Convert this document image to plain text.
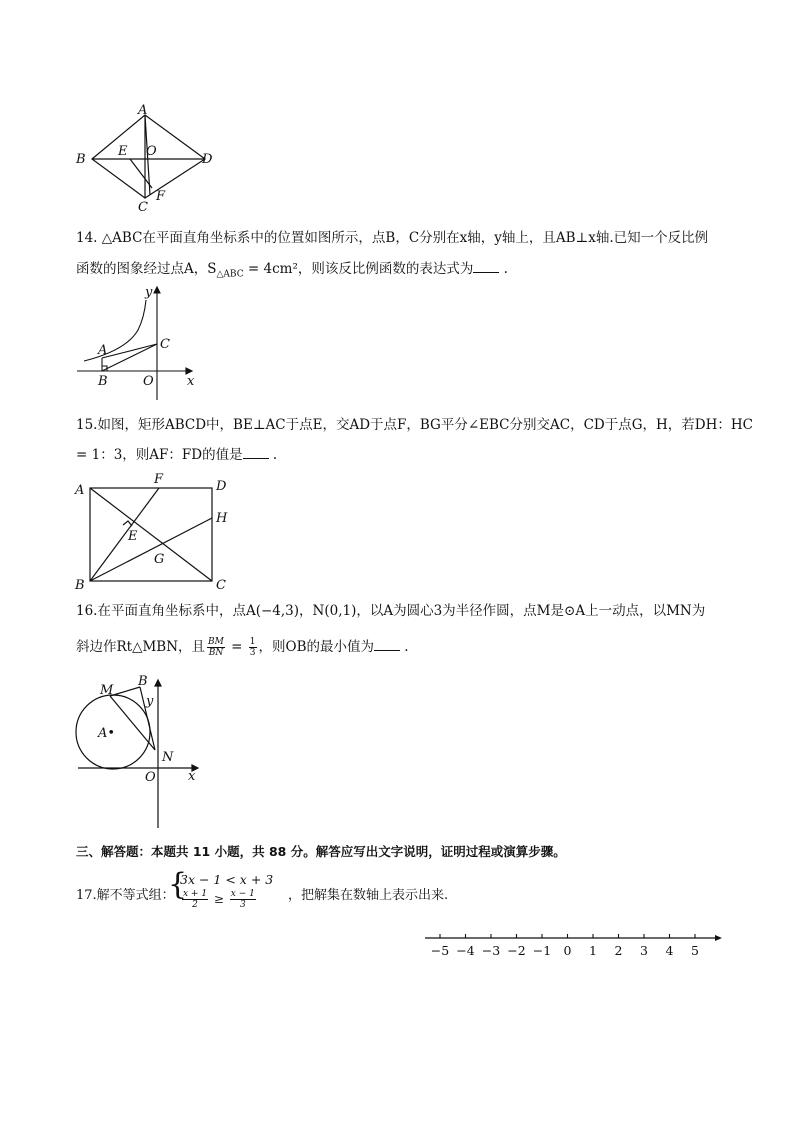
A
B
E O
D
F
C
14. △ABC在平面直角坐标系中的位置如图所示，点B，C分别在x轴，y轴上，且AB⊥x轴.已知一个反比例
函数的图象经过点A，$S_{\triangle ABC} = 4cm^2$，则该反比例函数的表达式为 .
y
A	C
B	O	x
15.如图，矩形ABCD中，BE⊥AC于点E，交AD于点F，BG平分∠EBC分别交AC，CD于点G，H，若DH：HC
= 1：3，则AF：FD的值是 .
A
F	D
H
E
G
B	C
16.在平面直角坐标系中，点A(−4,3)，N(0,1)，以A为圆心3为半径作圆，点M是⊙A上一动点，以MN为
斜边作Rt△MBN，且 $\frac{BM}{BN} = \frac{1}{3}$ ，则OB的最小值为 .
M
B
y
A•
N
O x
三、解答题：本题共 11 小题，共 88 分。解答应写出文字说明，证明过程或演算步骤。
17.解不等式组：
{
3x − 1 < x + 3
$\frac{x + 1}{2} \ge \frac{x - 1}{3}$ ，把解集在数轴上表示出来.
−5 −4 −3 −2 −1 0 1 2 3 4 5
